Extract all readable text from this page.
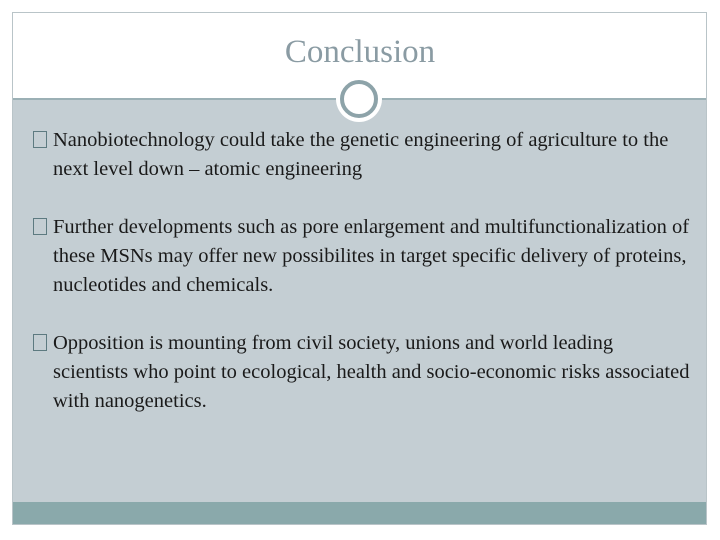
Conclusion
Nanobiotechnology could take the genetic engineering of agriculture to the next level down – atomic engineering
Further developments such as pore enlargement and multifunctionalization of these MSNs may offer new possibilites in target specific delivery of proteins, nucleotides and chemicals.
Opposition is mounting from civil society, unions and world leading scientists who point to ecological, health and socio-economic risks associated with nanogenetics.
